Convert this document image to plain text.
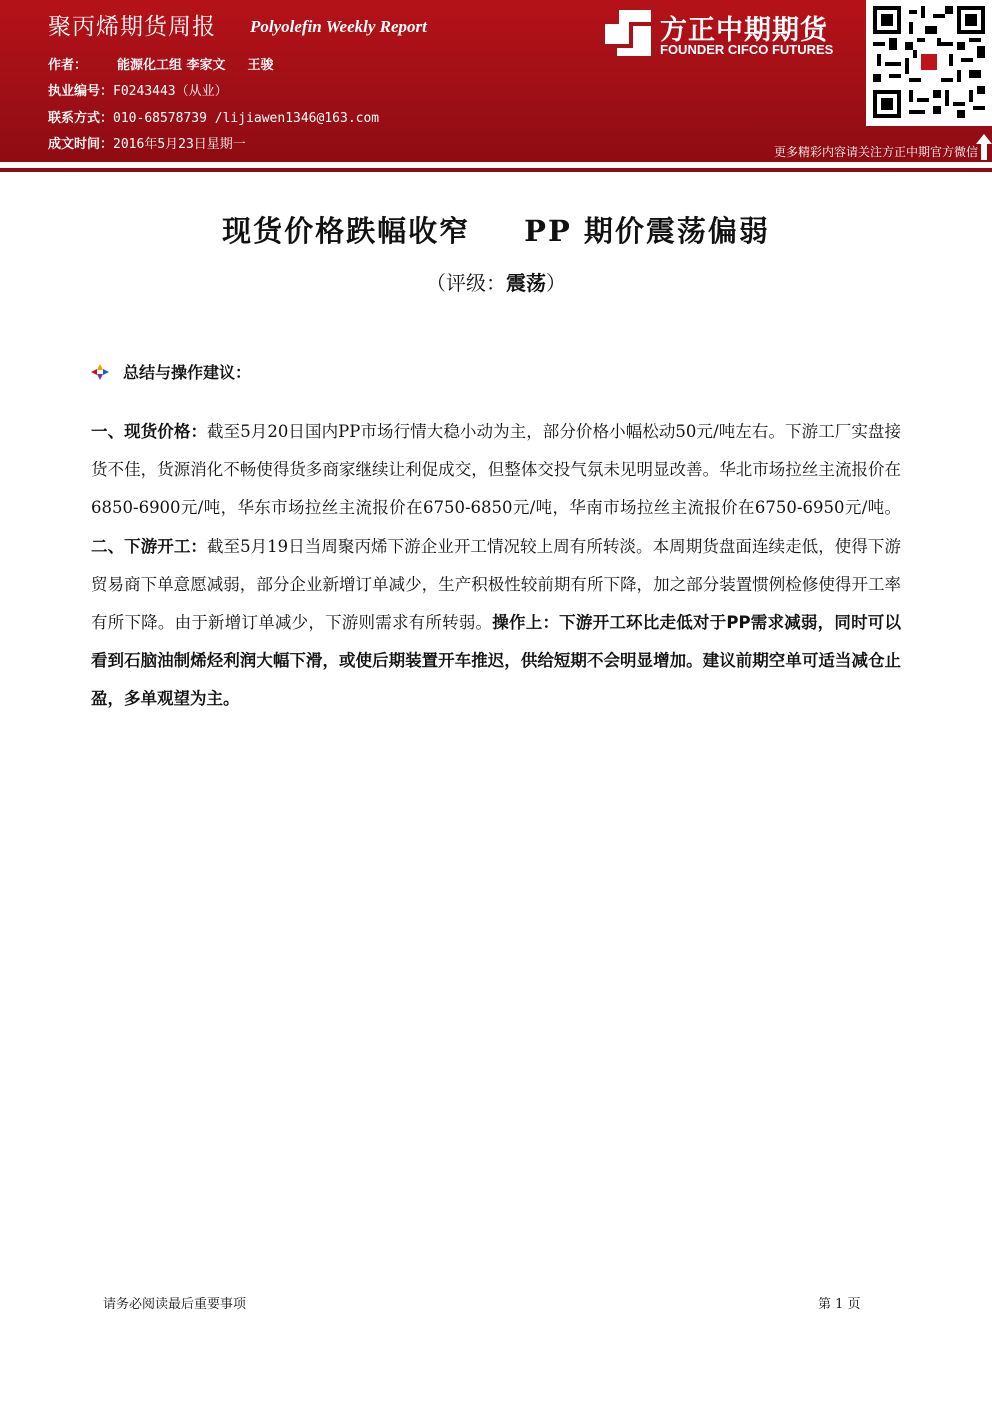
聚丙烯期货周报 Polyolefin Weekly Report
作者： 能源化工组 李家文 王骏
执业编号：F0243443（从业）
联系方式：010-68578739 /lijiawen1346@163.com
成文时间：2016年5月23日星期一
方正中期期货
FOUNDER CIFCO FUTURES
更多精彩内容请关注方正中期官方微信
现货价格跌幅收窄 PP 期价震荡偏弱
（评级：震荡）
总结与操作建议：
一、现货价格：截至5月20日国内PP市场行情大稳小动为主，部分价格小幅松动50元/吨左右。下游工厂实盘接货不佳，货源消化不畅使得货多商家继续让利促成交，但整体交投气氛未见明显改善。华北市场拉丝主流报价在6850-6900元/吨，华东市场拉丝主流报价在6750-6850元/吨，华南市场拉丝主流报价在6750-6950元/吨。二、下游开工：截至5月19日当周聚丙烯下游企业开工情况较上周有所转淡。本周期货盘面连续走低，使得下游贸易商下单意愿减弱，部分企业新增订单减少，生产积极性较前期有所下降，加之部分装置惯例检修使得开工率有所下降。由于新增订单减少，下游则需求有所转弱。操作上：下游开工环比走低对于PP需求减弱，同时可以看到石脑油制烯烃利润大幅下滑，或使后期装置开车推迟，供给短期不会明显增加。建议前期空单可适当减仓止盈，多单观望为主。
请务必阅读最后重要事项	第 1 页
